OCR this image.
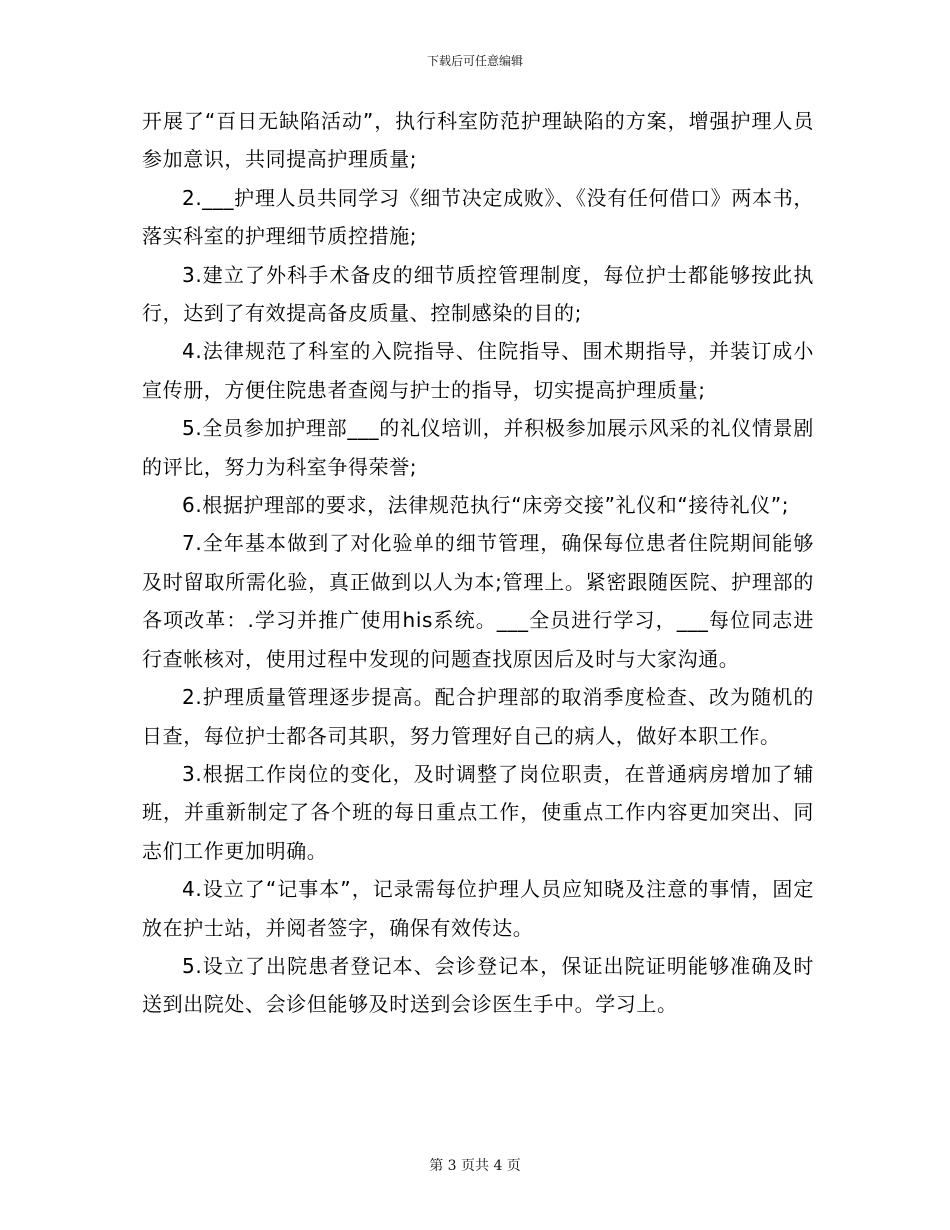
下载后可任意编辑

开展了“百日无缺陷活动”，执行科室防范护理缺陷的方案，增强护理人员参加意识，共同提高护理质量;

2.___护理人员共同学习《细节决定成败》、《没有任何借口》两本书，落实科室的护理细节质控措施;

3.建立了外科手术备皮的细节质控管理制度，每位护士都能够按此执行，达到了有效提高备皮质量、控制感染的目的;

4.法律规范了科室的入院指导、住院指导、围术期指导，并装订成小宣传册，方便住院患者查阅与护士的指导，切实提高护理质量;

5.全员参加护理部___的礼仪培训，并积极参加展示风采的礼仪情景剧的评比，努力为科室争得荣誉;

6.根据护理部的要求，法律规范执行“床旁交接”礼仪和“接待礼仪”;

7.全年基本做到了对化验单的细节管理，确保每位患者住院期间能够及时留取所需化验，真正做到以人为本;管理上。紧密跟随医院、护理部的各项改革：.学习并推广使用his系统。___全员进行学习，___每位同志进行查帐核对，使用过程中发现的问题查找原因后及时与大家沟通。

2.护理质量管理逐步提高。配合护理部的取消季度检查、改为随机的日查，每位护士都各司其职，努力管理好自己的病人，做好本职工作。

3.根据工作岗位的变化，及时调整了岗位职责，在普通病房增加了辅班，并重新制定了各个班的每日重点工作，使重点工作内容更加突出、同志们工作更加明确。

4.设立了“记事本”，记录需每位护理人员应知晓及注意的事情，固定放在护士站，并阅者签字，确保有效传达。

5.设立了出院患者登记本、会诊登记本，保证出院证明能够准确及时送到出院处、会诊但能够及时送到会诊医生手中。学习上。

第 3 页共 4 页
